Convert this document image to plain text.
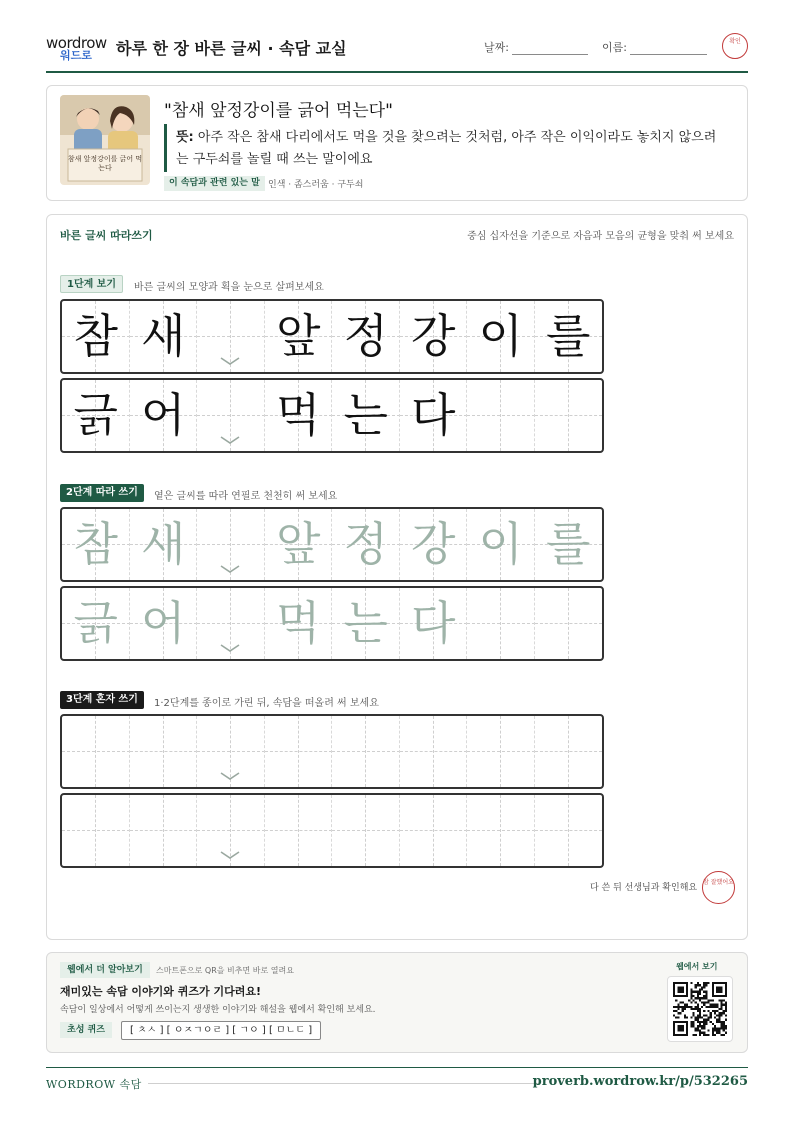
wordrow
워드로 하루 한 장 바른 글씨 · 속담 교실	날짜:	이름:	확인
참새 앞정강이를 긁어 먹는다
"참새 앞정강이를 긁어 먹는다"
뜻: 아주 작은 참새 다리에서도 먹을 것을 찾으려는 것처럼, 아주 작은 이익이라도 놓치지 않으려는 구두쇠를 놀릴 때 쓰는 말이에요
이 속담과 관련 있는 말 인색 · 좀스러움 · 구두쇠
바른 글씨 따라쓰기	중심 십자선을 기준으로 자음과 모음의 균형을 맞춰 써 보세요
1단계 보기	바른 글씨의 모양과 획을 눈으로 살펴보세요
참 새 앞 정 강 이 를
긁 어 먹 는 다
2단계 따라 쓰기	옅은 글씨를 따라 연필로 천천히 써 보세요
참 새 앞 정 강 이 를
긁 어 먹 는 다
3단계 혼자 쓰기	1·2단계를 종이로 가린 뒤, 속담을 떠올려 써 보세요
다 쓴 뒤 선생님과 확인해요
참 잘했어요
웹에서 더 알아보기	스마트폰으로 QR을 비추면 바로 열려요
재미있는 속담 이야기와 퀴즈가 기다려요!
속담이 일상에서 어떻게 쓰이는지 생생한 이야기와 해설을 웹에서 확인해 보세요.
초성 퀴즈	[ ㅊㅅ ] [ ㅇㅈㄱㅇㄹ ] [ ㄱㅇ ] [ ㅁㄴㄷ ]
웹에서 보기
WORDROW 속담	proverb.wordrow.kr/p/532265
